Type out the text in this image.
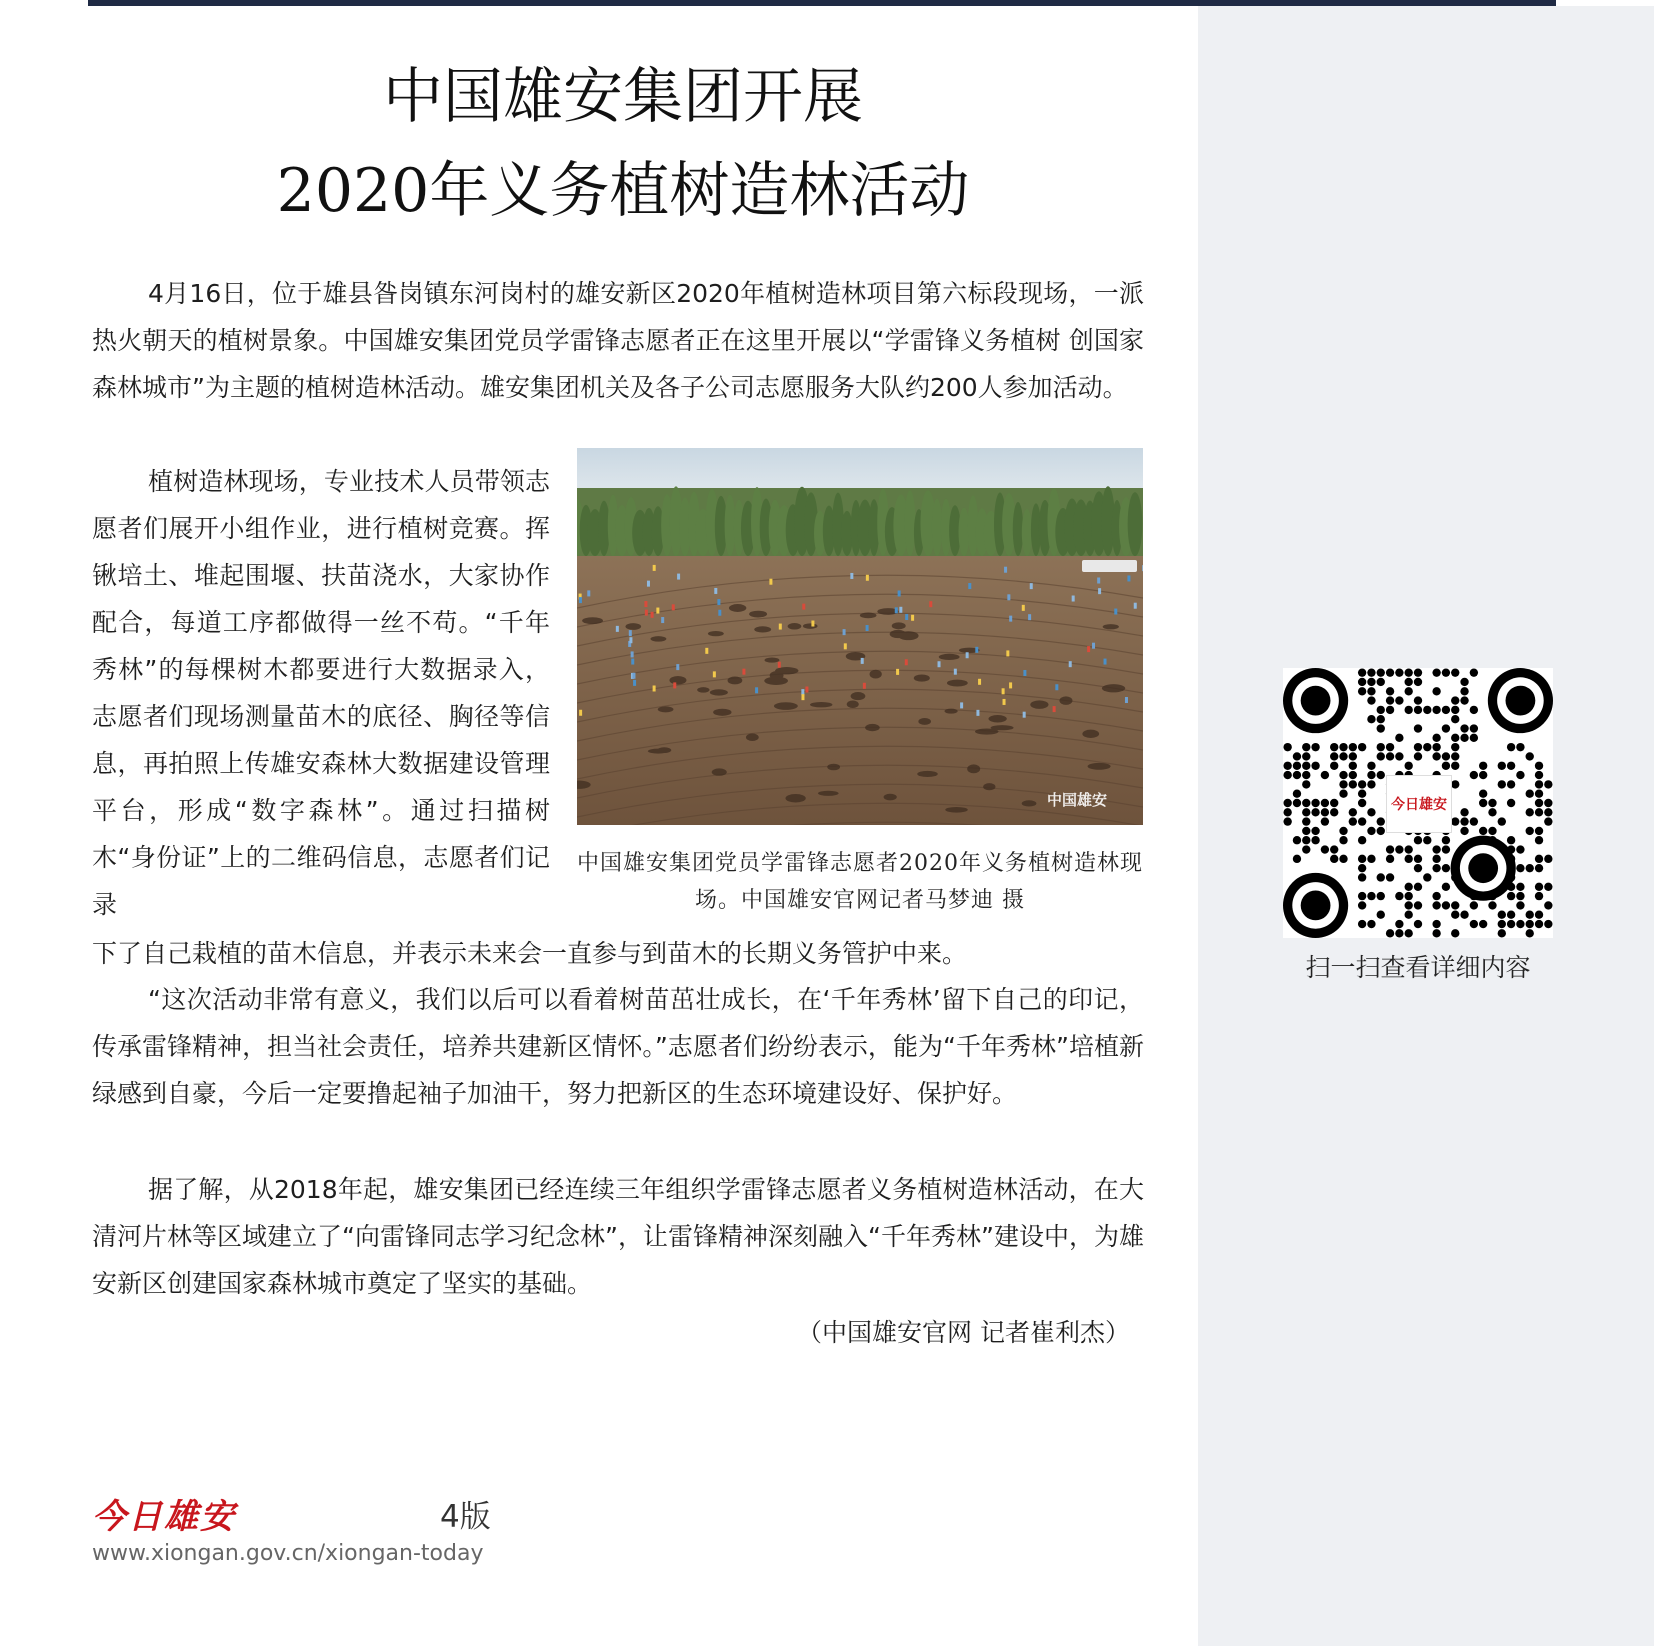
中国雄安集团开展
2020年义务植树造林活动

4月16日，位于雄县昝岗镇东河岗村的雄安新区2020年植树造林项目第六标段现场，一派热火朝天的植树景象。中国雄安集团党员学雷锋志愿者正在这里开展以“学雷锋义务植树 创国家森林城市”为主题的植树造林活动。雄安集团机关及各子公司志愿服务大队约200人参加活动。

植树造林现场，专业技术人员带领志愿者们展开小组作业，进行植树竞赛。挥锹培土、堆起围堰、扶苗浇水，大家协作配合，每道工序都做得一丝不苟。“千年秀林”的每棵树木都要进行大数据录入，志愿者们现场测量苗木的底径、胸径等信息，再拍照上传雄安森林大数据建设管理平台，形成“数字森林”。通过扫描树木“身份证”上的二维码信息，志愿者们记录

下了自己栽植的苗木信息，并表示未来会一直参与到苗木的长期义务管护中来。

“这次活动非常有意义，我们以后可以看着树苗茁壮成长，在‘千年秀林’留下自己的印记，传承雷锋精神，担当社会责任，培养共建新区情怀。”志愿者们纷纷表示，能为“千年秀林”培植新绿感到自豪，今后一定要撸起袖子加油干，努力把新区的生态环境建设好、保护好。

据了解，从2018年起，雄安集团已经连续三年组织学雷锋志愿者义务植树造林活动，在大清河片林等区域建立了“向雷锋同志学习纪念林”，让雷锋精神深刻融入“千年秀林”建设中，为雄安新区创建国家森林城市奠定了坚实的基础。

（中国雄安官网 记者崔利杰）
中国雄安
中国雄安集团党员学雷锋志愿者2020年义务植树造林现场。中国雄安官网记者马梦迪 摄
今日雄安
扫一扫查看详细内容
今日雄安	4版
www.xiongan.gov.cn/xiongan-today
